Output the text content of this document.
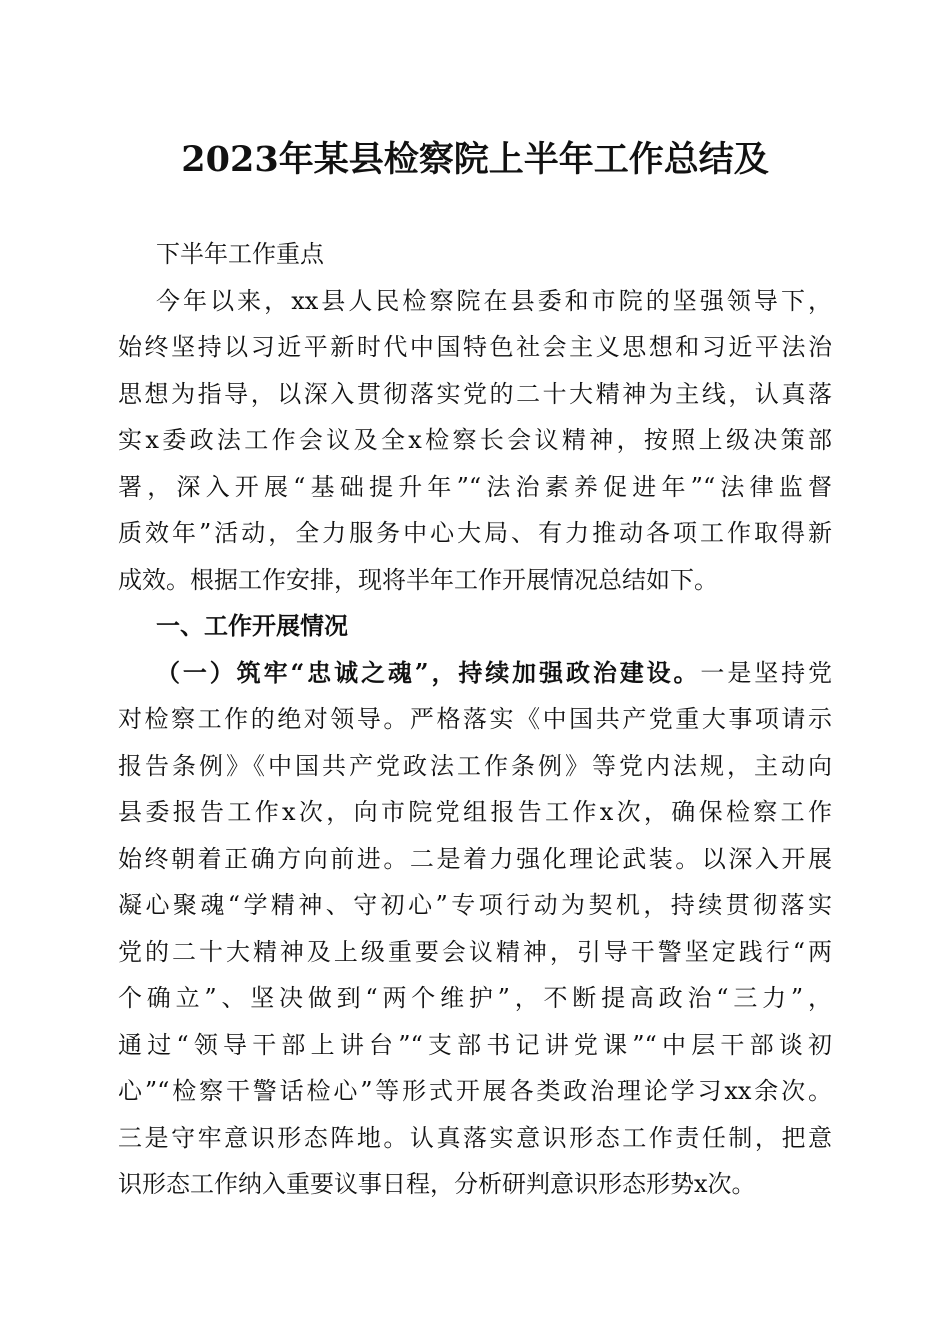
2023年某县检察院上半年工作总结及
下半年工作重点
今年以来，xx县人民检察院在县委和市院的坚强领导下，
始终坚持以习近平新时代中国特色社会主义思想和习近平法治
思想为指导，以深入贯彻落实党的二十大精神为主线，认真落
实x委政法工作会议及全x检察长会议精神，按照上级决策部
署，深入开展“基础提升年”“法治素养促进年”“法律监督
质效年”活动，全力服务中心大局、有力推动各项工作取得新
成效。根据工作安排，现将半年工作开展情况总结如下。
一、工作开展情况
（一）筑牢“忠诚之魂”，持续加强政治建设。一是坚持党
对检察工作的绝对领导。严格落实《中国共产党重大事项请示
报告条例》《中国共产党政法工作条例》等党内法规，主动向
县委报告工作x次，向市院党组报告工作x次，确保检察工作
始终朝着正确方向前进。二是着力强化理论武装。以深入开展
凝心聚魂“学精神、守初心”专项行动为契机，持续贯彻落实
党的二十大精神及上级重要会议精神，引导干警坚定践行“两
个确立”、坚决做到“两个维护”，不断提高政治“三力”，
通过“领导干部上讲台”“支部书记讲党课”“中层干部谈初
心”“检察干警话检心”等形式开展各类政治理论学习xx余次。
三是守牢意识形态阵地。认真落实意识形态工作责任制，把意
识形态工作纳入重要议事日程，分析研判意识形态形势x次。
